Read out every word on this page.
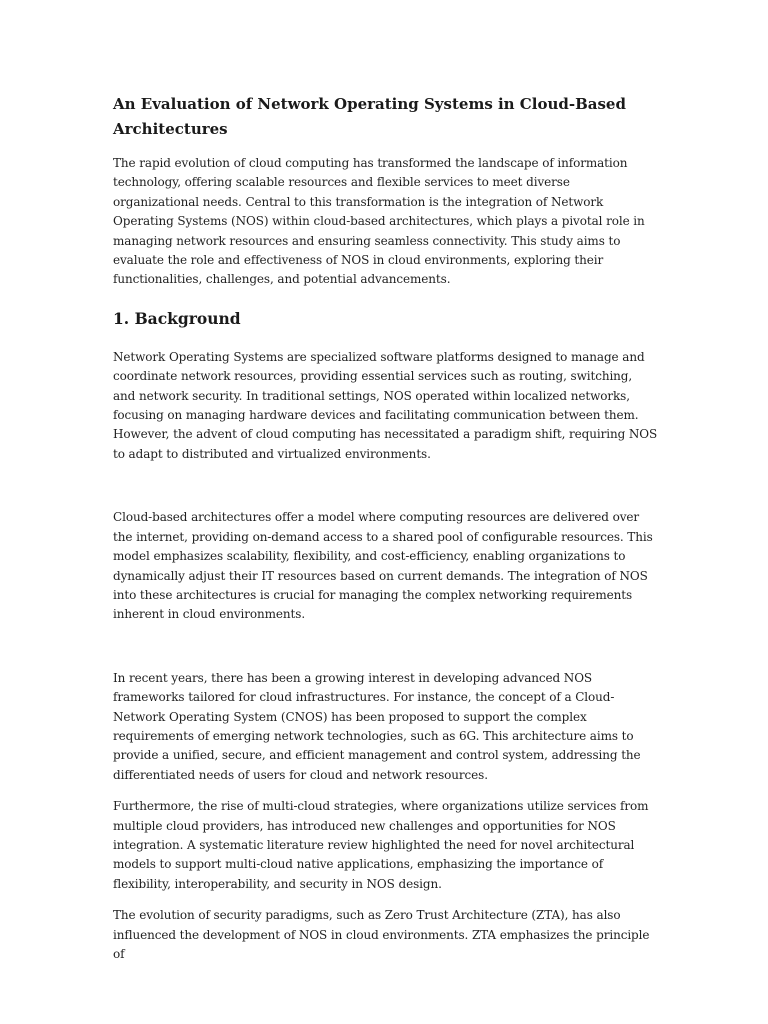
An Evaluation of Network Operating Systems in Cloud-Based Architectures

The rapid evolution of cloud computing has transformed the landscape of information technology, offering scalable resources and flexible services to meet diverse organizational needs. Central to this transformation is the integration of Network Operating Systems (NOS) within cloud-based architectures, which plays a pivotal role in managing network resources and ensuring seamless connectivity. This study aims to evaluate the role and effectiveness of NOS in cloud environments, exploring their functionalities, challenges, and potential advancements.

1. Background

Network Operating Systems are specialized software platforms designed to manage and coordinate network resources, providing essential services such as routing, switching, and network security. In traditional settings, NOS operated within localized networks, focusing on managing hardware devices and facilitating communication between them. However, the advent of cloud computing has necessitated a paradigm shift, requiring NOS to adapt to distributed and virtualized environments.

Cloud-based architectures offer a model where computing resources are delivered over the internet, providing on-demand access to a shared pool of configurable resources. This model emphasizes scalability, flexibility, and cost-efficiency, enabling organizations to dynamically adjust their IT resources based on current demands. The integration of NOS into these architectures is crucial for managing the complex networking requirements inherent in cloud environments.

In recent years, there has been a growing interest in developing advanced NOS frameworks tailored for cloud infrastructures. For instance, the concept of a Cloud-Network Operating System (CNOS) has been proposed to support the complex requirements of emerging network technologies, such as 6G. This architecture aims to provide a unified, secure, and efficient management and control system, addressing the differentiated needs of users for cloud and network resources.

Furthermore, the rise of multi-cloud strategies, where organizations utilize services from multiple cloud providers, has introduced new challenges and opportunities for NOS integration. A systematic literature review highlighted the need for novel architectural models to support multi-cloud native applications, emphasizing the importance of flexibility, interoperability, and security in NOS design.

The evolution of security paradigms, such as Zero Trust Architecture (ZTA), has also influenced the development of NOS in cloud environments. ZTA emphasizes the principle of
